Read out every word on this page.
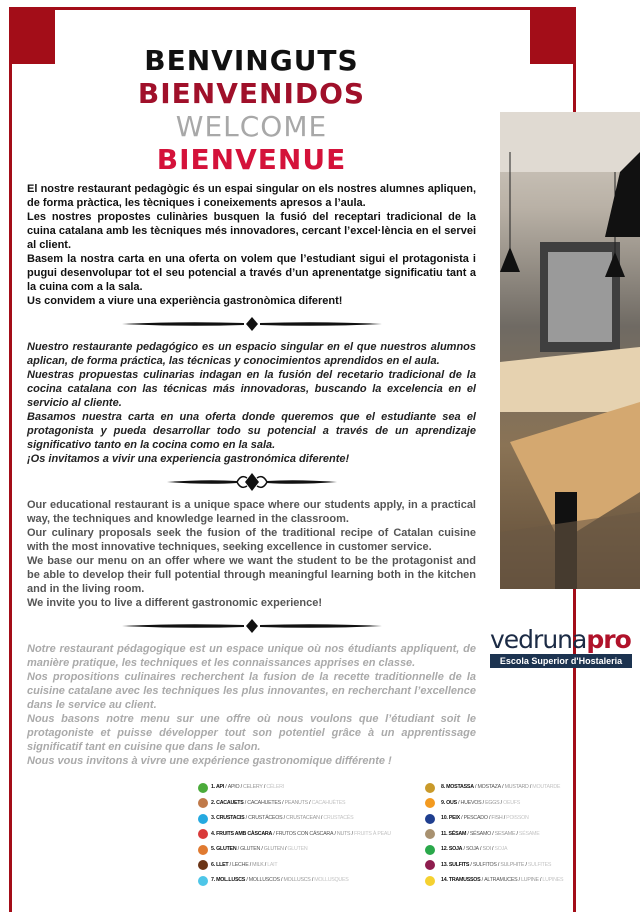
vedrunapro
Escola Superior d'Hostaleria
BENVINGUTS
BIENVENIDOS
WELCOME
BIENVENUE

El nostre restaurant pedagògic és un espai singular on els nostres alumnes apliquen, de forma pràctica, les tècniques i coneixements apresos a l’aula.

Les nostres propostes culinàries busquen la fusió del receptari tradicional de la cuina catalana amb les tècniques més innovadores, cercant l’excel·lència en el servei al client.

Basem la nostra carta en una oferta on volem que l’estudiant sigui el protagonista i pugui desenvolupar tot el seu potencial a través d’un aprenentatge significatiu tant a la cuina com a la sala.

Us convidem a viure una experiència gastronòmica diferent!

Nuestro restaurante pedagógico es un espacio singular en el que nuestros alumnos aplican, de forma práctica, las técnicas y conocimientos aprendidos en el aula.

Nuestras propuestas culinarias indagan en la fusión del recetario tradicional de la cocina catalana con las técnicas más innovadoras, buscando la excelencia en el servicio al cliente.

Basamos nuestra carta en una oferta donde queremos que el estudiante sea el protagonista y pueda desarrollar todo su potencial a través de un aprendizaje significativo tanto en la cocina como en la sala.

¡Os invitamos a vivir una experiencia gastronómica diferente!

Our educational restaurant is a unique space where our students apply, in a practical way, the techniques and knowledge learned in the classroom.

Our culinary proposals seek the fusion of the traditional recipe of Catalan cuisine with the most innovative techniques, seeking excellence in customer service.

We base our menu on an offer where we want the student to be the protagonist and be able to develop their full potential through meaningful learning both in the kitchen and in the living room.

We invite you to live a different gastronomic experience!

Notre restaurant pédagogique est un espace unique où nos étudiants appliquent, de manière pratique, les techniques et les connaissances apprises en classe.

Nos propositions culinaires recherchent la fusion de la recette traditionnelle de la cuisine catalane avec les techniques les plus innovantes, en recherchant l’excellence dans le service au client.

Nous basons notre menu sur une offre où nous voulons que l’étudiant soit le protagoniste et puisse développer tout son potentiel grâce à un apprentissage significatif tant en cuisine que dans le salon.

Nous vous invitons à vivre une expérience gastronomique différente !

1. API / APIO / CELERY / CÉLERI
2. CACAUETS / CACAHUETES / PEANUTS / CACAHUÈTES
3. CRUSTACIS / CRUSTÁCEOS / CRUSTACEAN / CRUSTACÉS
4. FRUITS AMB CÀSCARA / FRUTOS CON CÁSCARA / NUTS / FRUITS À PEAU
5. GLUTEN / GLUTEN / GLUTEN / GLUTEN
6. LLET / LECHE / MILK / LAIT
7. MOL.LUSCS / MOLLUSCOS / MOLLUSCS / MOLLUSQUES
8. MOSTASSA / MOSTAZA / MUSTARD / MOUTARDE
9. OUS / HUEVOS / EGGS / OEUFS
10. PEIX / PESCADO / FISH / POISSON
11. SÉSAM / SÉSAMO / SESAME / SÉSAME
12. SOJA / SOJA / SOI / SOJA
13. SULFITS / SULFITOS / SULPHITE / SULFITES
14. TRAMUSSOS / ALTRAMUCES / LUPINE / LUPINES
